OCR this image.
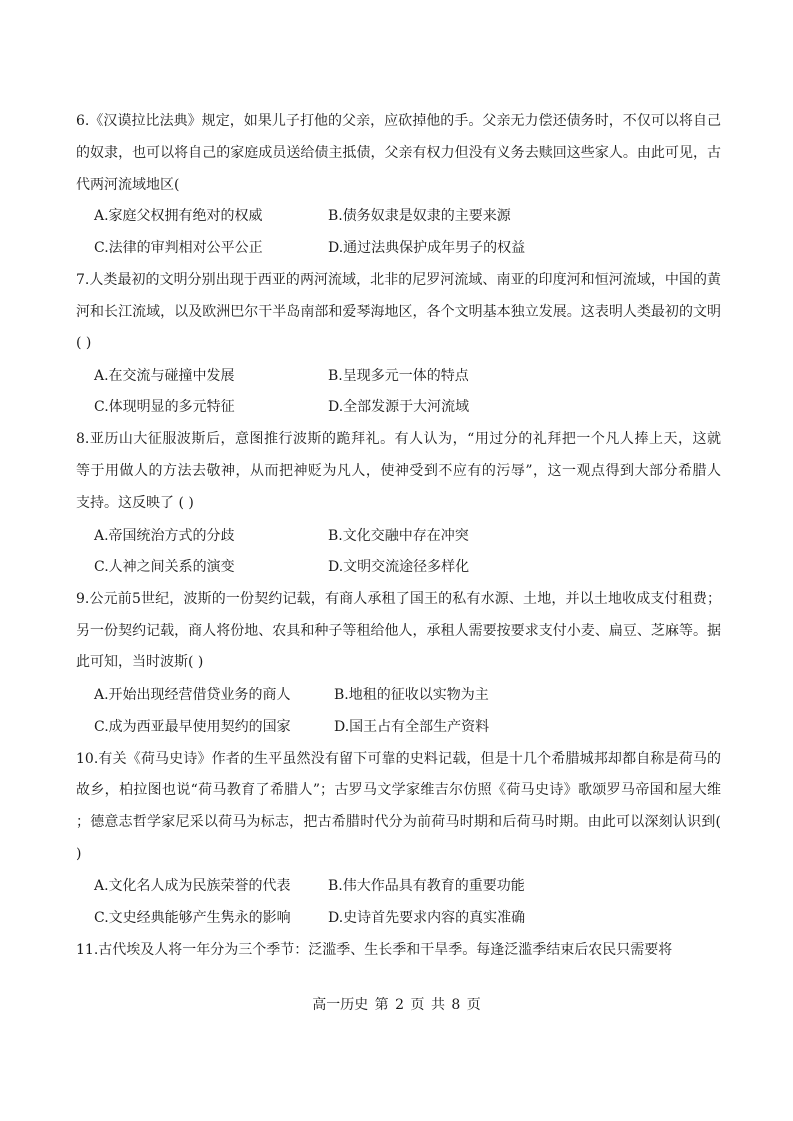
6.《汉谟拉比法典》规定，如果儿子打他的父亲，应砍掉他的手。父亲无力偿还债务时，不仅可以将自己
的奴隶，也可以将自己的家庭成员送给债主抵债，父亲有权力但没有义务去赎回这些家人。由此可见，古
代两河流域地区(
A.家庭父权拥有绝对的权威	B.债务奴隶是奴隶的主要来源
C.法律的审判相对公平公正	D.通过法典保护成年男子的权益
7.人类最初的文明分别出现于西亚的两河流域，北非的尼罗河流域、南亚的印度河和恒河流域，中国的黄
河和长江流域，以及欧洲巴尔干半岛南部和爱琴海地区，各个文明基本独立发展。这表明人类最初的文明
( )
A.在交流与碰撞中发展	B.呈现多元一体的特点
C.体现明显的多元特征	D.全部发源于大河流域
8.亚历山大征服波斯后，意图推行波斯的跪拜礼。有人认为，“用过分的礼拜把一个凡人捧上天，这就
等于用做人的方法去敬神，从而把神贬为凡人，使神受到不应有的污辱”，这一观点得到大部分希腊人
支持。这反映了 ( )
A.帝国统治方式的分歧	B.文化交融中存在冲突
C.人神之间关系的演变	D.文明交流途径多样化
9.公元前5世纪，波斯的一份契约记载，有商人承租了国王的私有水源、土地，并以土地收成支付租费；
另一份契约记载，商人将份地、农具和种子等租给他人，承租人需要按要求支付小麦、扁豆、芝麻等。据
此可知，当时波斯( )
A.开始出现经营借贷业务的商人	B.地租的征收以实物为主
C.成为西亚最早使用契约的国家	D.国王占有全部生产资料
10.有关《荷马史诗》作者的生平虽然没有留下可靠的史料记载，但是十几个希腊城邦却都自称是荷马的
故乡，柏拉图也说“荷马教育了希腊人”；古罗马文学家维吉尔仿照《荷马史诗》歌颂罗马帝国和屋大维
；德意志哲学家尼采以荷马为标志，把古希腊时代分为前荷马时期和后荷马时期。由此可以深刻认识到(
)
A.文化名人成为民族荣誉的代表	B.伟大作品具有教育的重要功能
C.文史经典能够产生隽永的影响	D.史诗首先要求内容的真实准确
11.古代埃及人将一年分为三个季节：泛滥季、生长季和干旱季。每逢泛滥季结束后农民只需要将
高一历史 第 2 页 共 8 页
